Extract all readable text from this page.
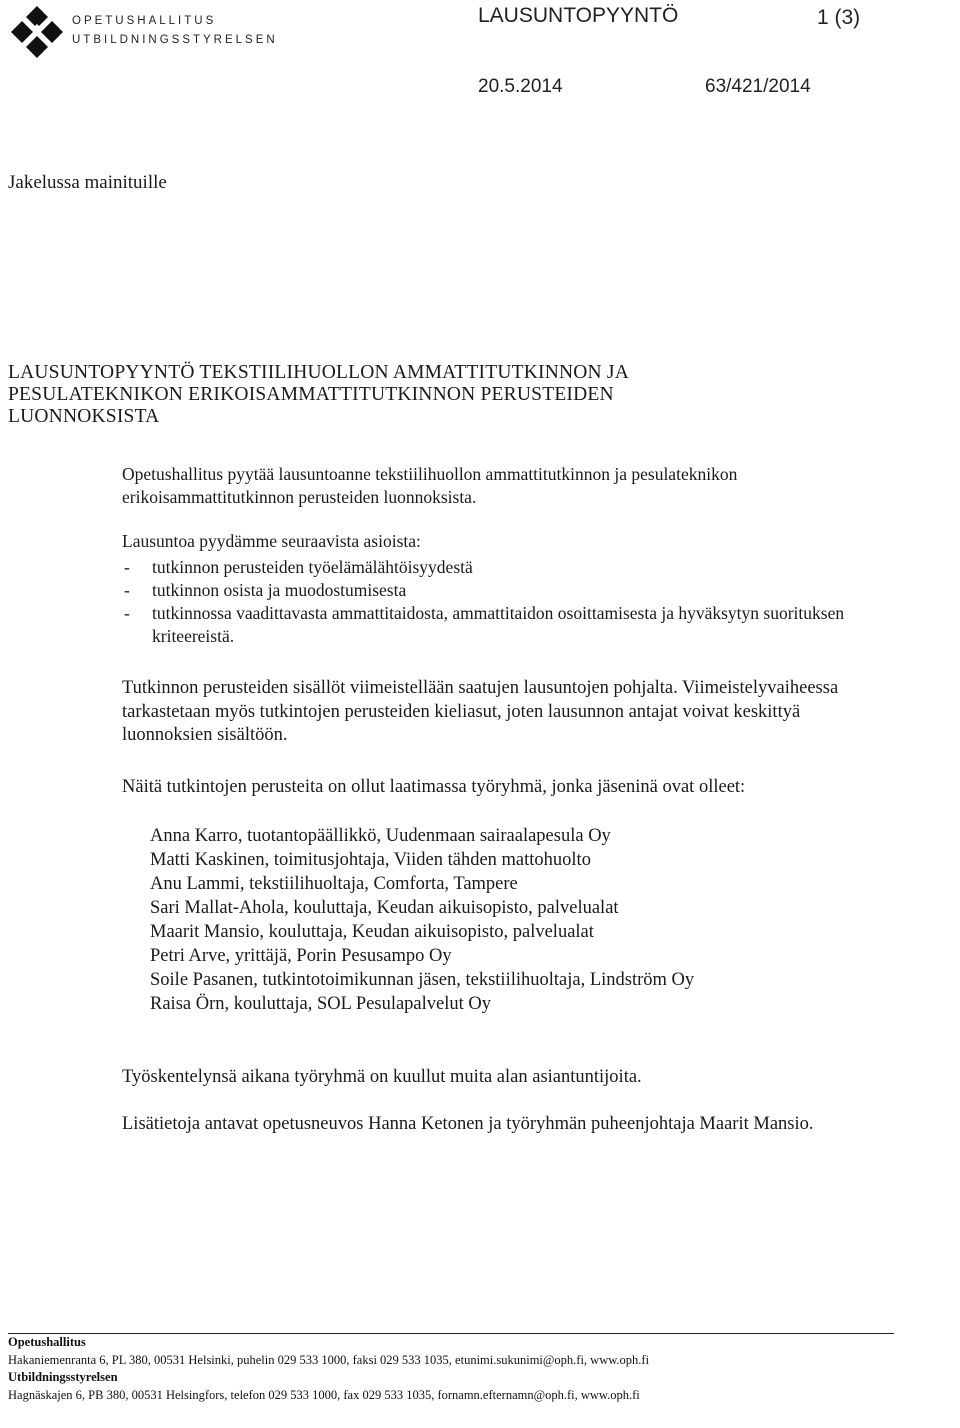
OPETUSHALLITUS
UTBILDNINGSSTYRELSEN
LAUSUNTOPYYNTÖ	1 (3)
20.5.2014	63/421/2014
Jakelussa mainituille
LAUSUNTOPYYNTÖ TEKSTIILIHUOLLON AMMATTITUTKINNON JA
PESULATEKNIKON ERIKOISAMMATTITUTKINNON PERUSTEIDEN
LUONNOKSISTA

Opetushallitus pyytää lausuntoanne tekstiilihuollon ammattitutkinnon ja pesulateknikon erikoisammattitutkinnon perusteiden luonnoksista.

Lausuntoa pyydämme seuraavista asioista:

- tutkinnon perusteiden työelämälähtöisyydestä
- tutkinnon osista ja muodostumisesta
- tutkinnossa vaadittavasta ammattitaidosta, ammattitaidon osoittamisesta ja hyväksytyn suorituksen kriteereistä.

Tutkinnon perusteiden sisällöt viimeistellään saatujen lausuntojen pohjalta. Viimeistelyvaiheessa tarkastetaan myös tutkintojen perusteiden kieliasut, joten lausunnon antajat voivat keskittyä luonnoksien sisältöön.

Näitä tutkintojen perusteita on ollut laatimassa työryhmä, jonka jäseninä ovat olleet:

Anna Karro, tuotantopäällikkö, Uudenmaan sairaalapesula Oy
Matti Kaskinen, toimitusjohtaja, Viiden tähden mattohuolto
Anu Lammi, tekstiilihuoltaja, Comforta, Tampere
Sari Mallat-Ahola, kouluttaja, Keudan aikuisopisto, palvelualat
Maarit Mansio, kouluttaja, Keudan aikuisopisto, palvelualat
Petri Arve, yrittäjä, Porin Pesusampo Oy
Soile Pasanen, tutkintotoimikunnan jäsen, tekstiilihuoltaja, Lindström Oy
Raisa Örn, kouluttaja, SOL Pesulapalvelut Oy

Työskentelynsä aikana työryhmä on kuullut muita alan asiantuntijoita.

Lisätietoja antavat opetusneuvos Hanna Ketonen ja työryhmän puheenjohtaja Maarit Mansio.

Opetushallitus
Hakaniemenranta 6, PL 380, 00531 Helsinki, puhelin 029 533 1000, faksi 029 533 1035, etunimi.sukunimi@oph.fi, www.oph.fi
Utbildningsstyrelsen
Hagnäskajen 6, PB 380, 00531 Helsingfors, telefon 029 533 1000, fax 029 533 1035, fornamn.efternamn@oph.fi, www.oph.fi
